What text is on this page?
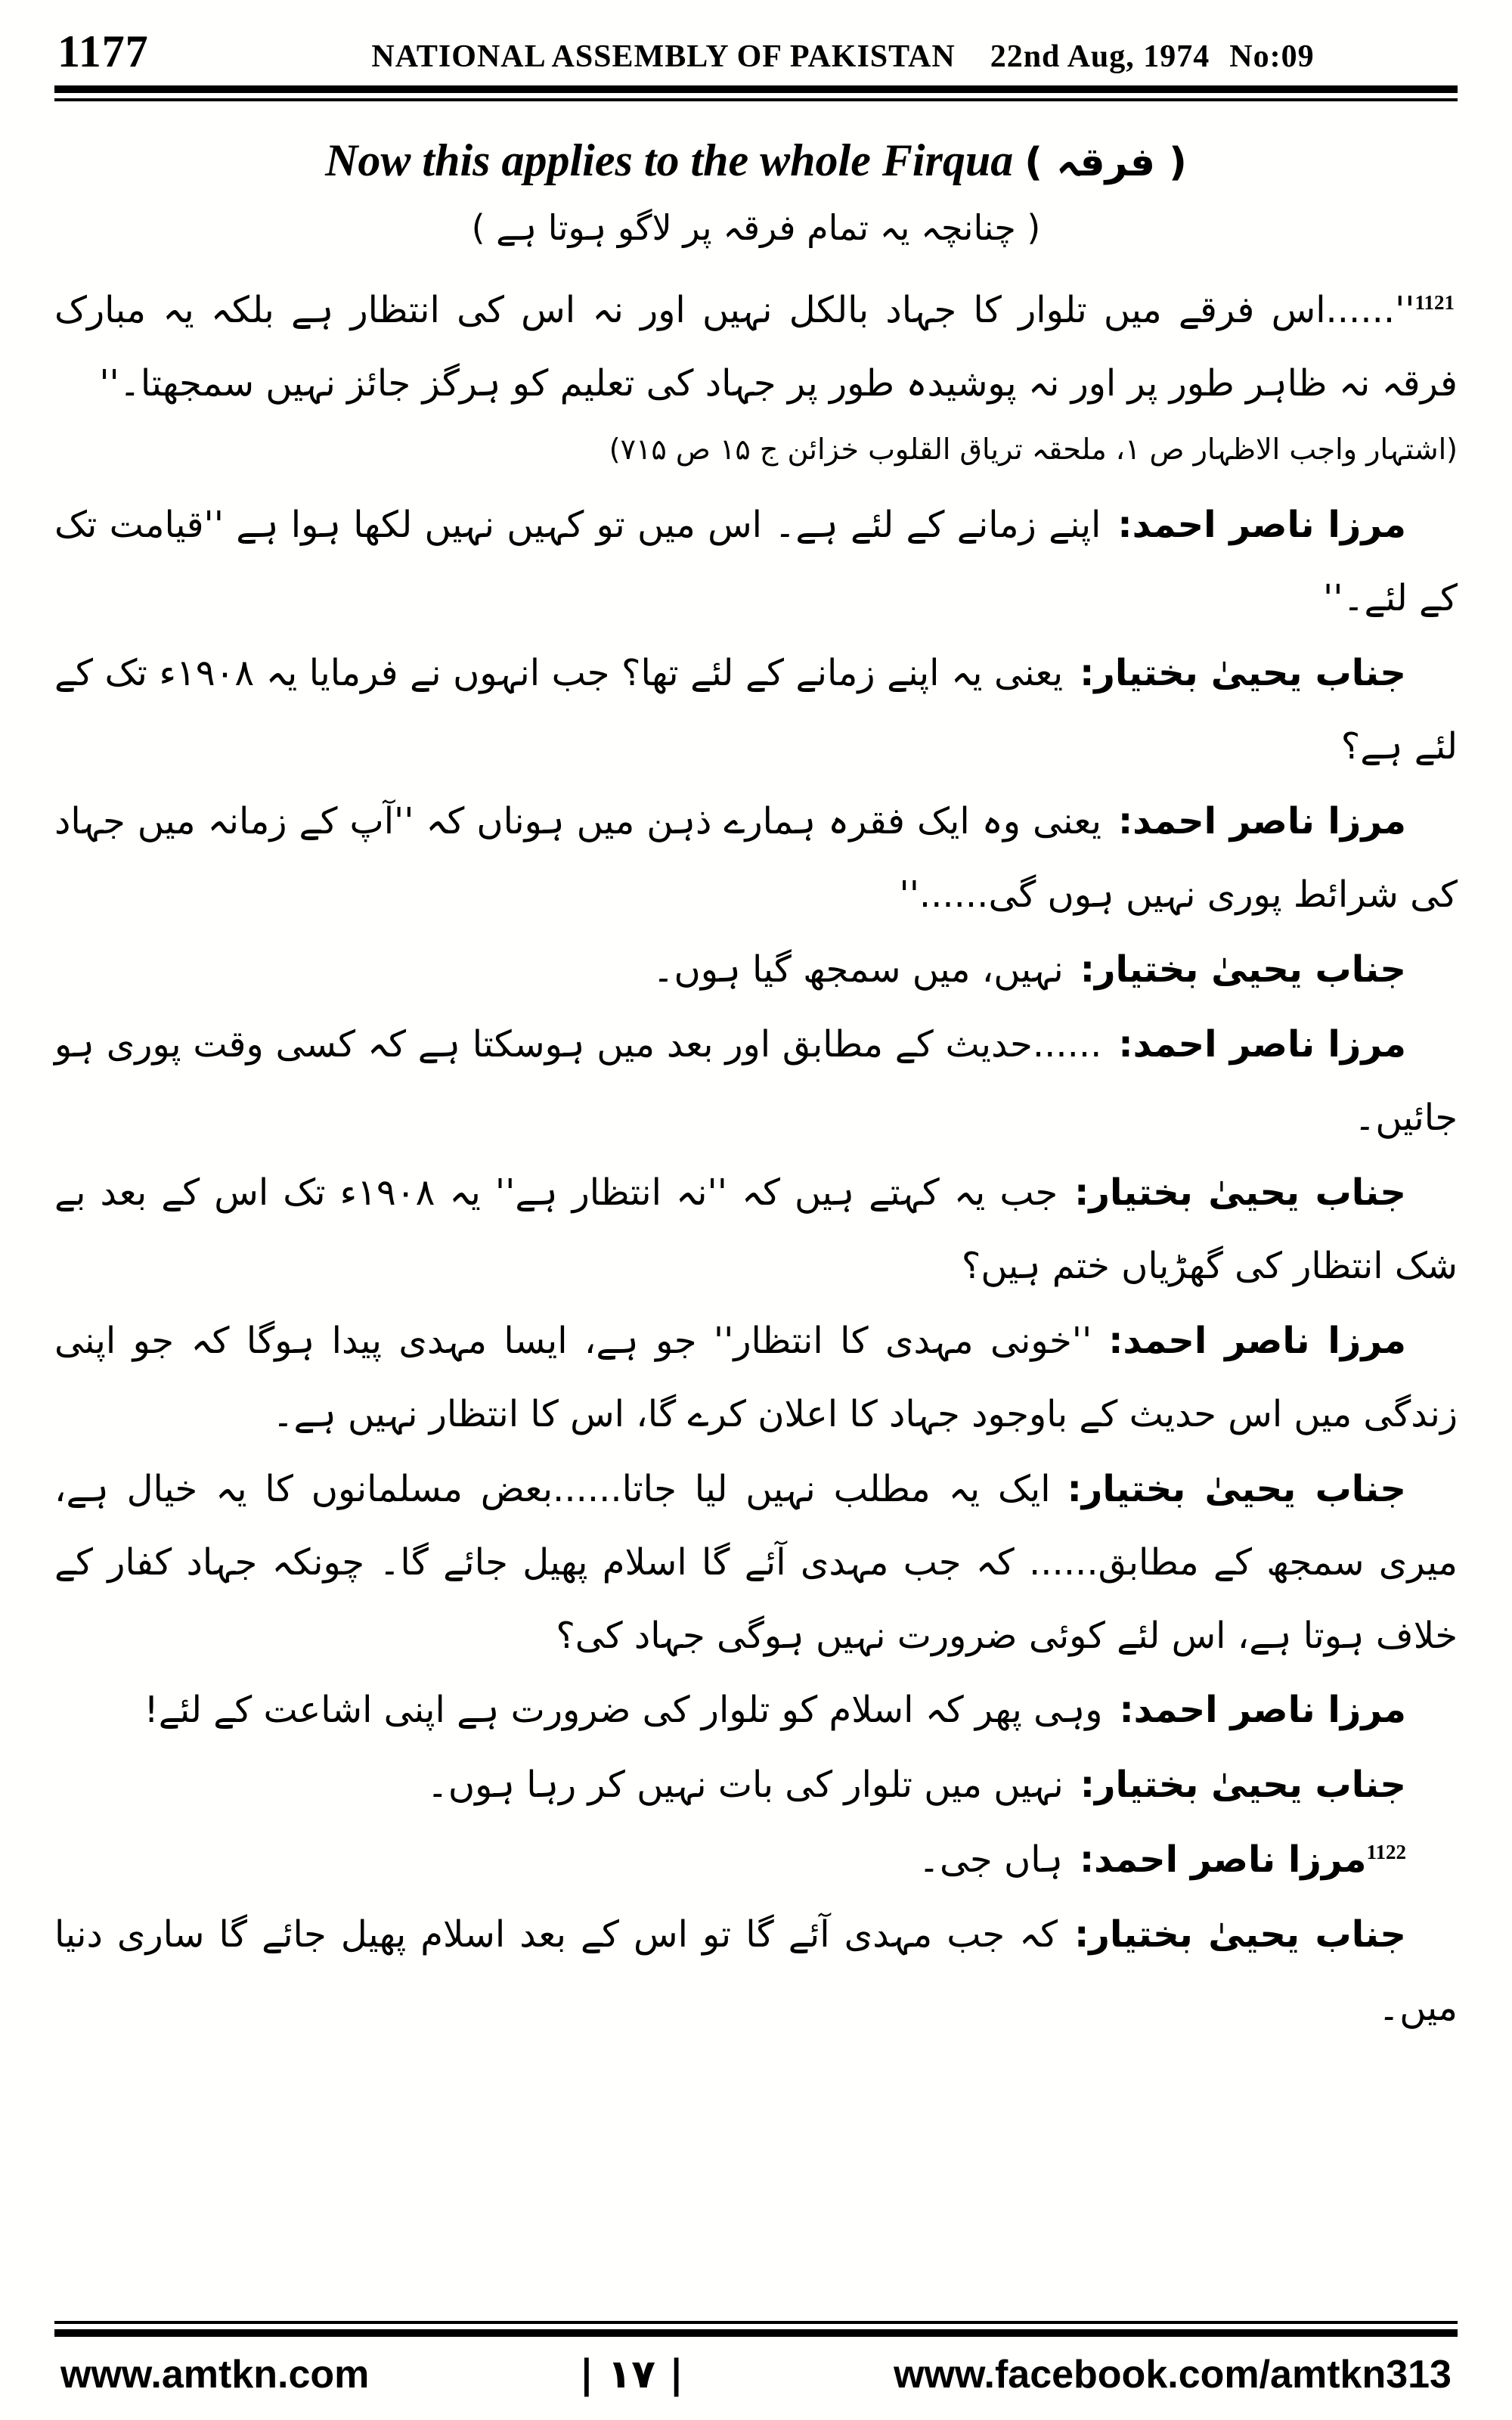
1177	NATIONAL ASSEMBLY OF PAKISTAN 22nd Aug, 1974 No:09
Now this applies to the whole Firqua ( فرقہ )

( چنانچہ یہ تمام فرقہ پر لاگو ہوتا ہے )

$^{1121}$''......اس فرقے میں تلوار کا جہاد بالکل نہیں اور نہ اس کی انتظار ہے بلکہ یہ مبارک فرقہ نہ ظاہر طور پر اور نہ پوشیدہ طور پر جہاد کی تعلیم کو ہرگز جائز نہیں سمجھتا۔''

(اشتہار واجب الاظہار ص ۱، ملحقہ تریاق القلوب خزائن ج ۱۵ ص ۷۱۵)

مرزا ناصر احمد:اپنے زمانے کے لئے ہے۔ اس میں تو کہیں نہیں لکھا ہوا ہے ''قیامت تک کے لئے۔''

جناب یحییٰ بختیار:یعنی یہ اپنے زمانے کے لئے تھا؟ جب انہوں نے فرمایا یہ ۱۹۰۸ء تک کے لئے ہے؟

مرزا ناصر احمد:یعنی وہ ایک فقرہ ہمارے ذہن میں ہوناں کہ ''آپ کے زمانہ میں جہاد کی شرائط پوری نہیں ہوں گی......''

جناب یحییٰ بختیار:نہیں، میں سمجھ گیا ہوں۔

مرزا ناصر احمد:......حدیث کے مطابق اور بعد میں ہوسکتا ہے کہ کسی وقت پوری ہو جائیں۔

جناب یحییٰ بختیار:جب یہ کہتے ہیں کہ ''نہ انتظار ہے'' یہ ۱۹۰۸ء تک اس کے بعد بے شک انتظار کی گھڑیاں ختم ہیں؟

مرزا ناصر احمد:''خونی مہدی کا انتظار'' جو ہے، ایسا مہدی پیدا ہوگا کہ جو اپنی زندگی میں اس حدیث کے باوجود جہاد کا اعلان کرے گا، اس کا انتظار نہیں ہے۔

جناب یحییٰ بختیار:ایک یہ مطلب نہیں لیا جاتا......بعض مسلمانوں کا یہ خیال ہے، میری سمجھ کے مطابق...... کہ جب مہدی آئے گا اسلام پھیل جائے گا۔ چونکہ جہاد کفار کے خلاف ہوتا ہے، اس لئے کوئی ضرورت نہیں ہوگی جہاد کی؟

مرزا ناصر احمد:وہی پھر کہ اسلام کو تلوار کی ضرورت ہے اپنی اشاعت کے لئے!

جناب یحییٰ بختیار:نہیں میں تلوار کی بات نہیں کر رہا ہوں۔

$^{1122}$مرزا ناصر احمد:ہاں جی۔

جناب یحییٰ بختیار:کہ جب مہدی آئے گا تو اس کے بعد اسلام پھیل جائے گا ساری دنیا میں۔

www.amtkn.com	| ۱۷ |	www.facebook.com/amtkn313
